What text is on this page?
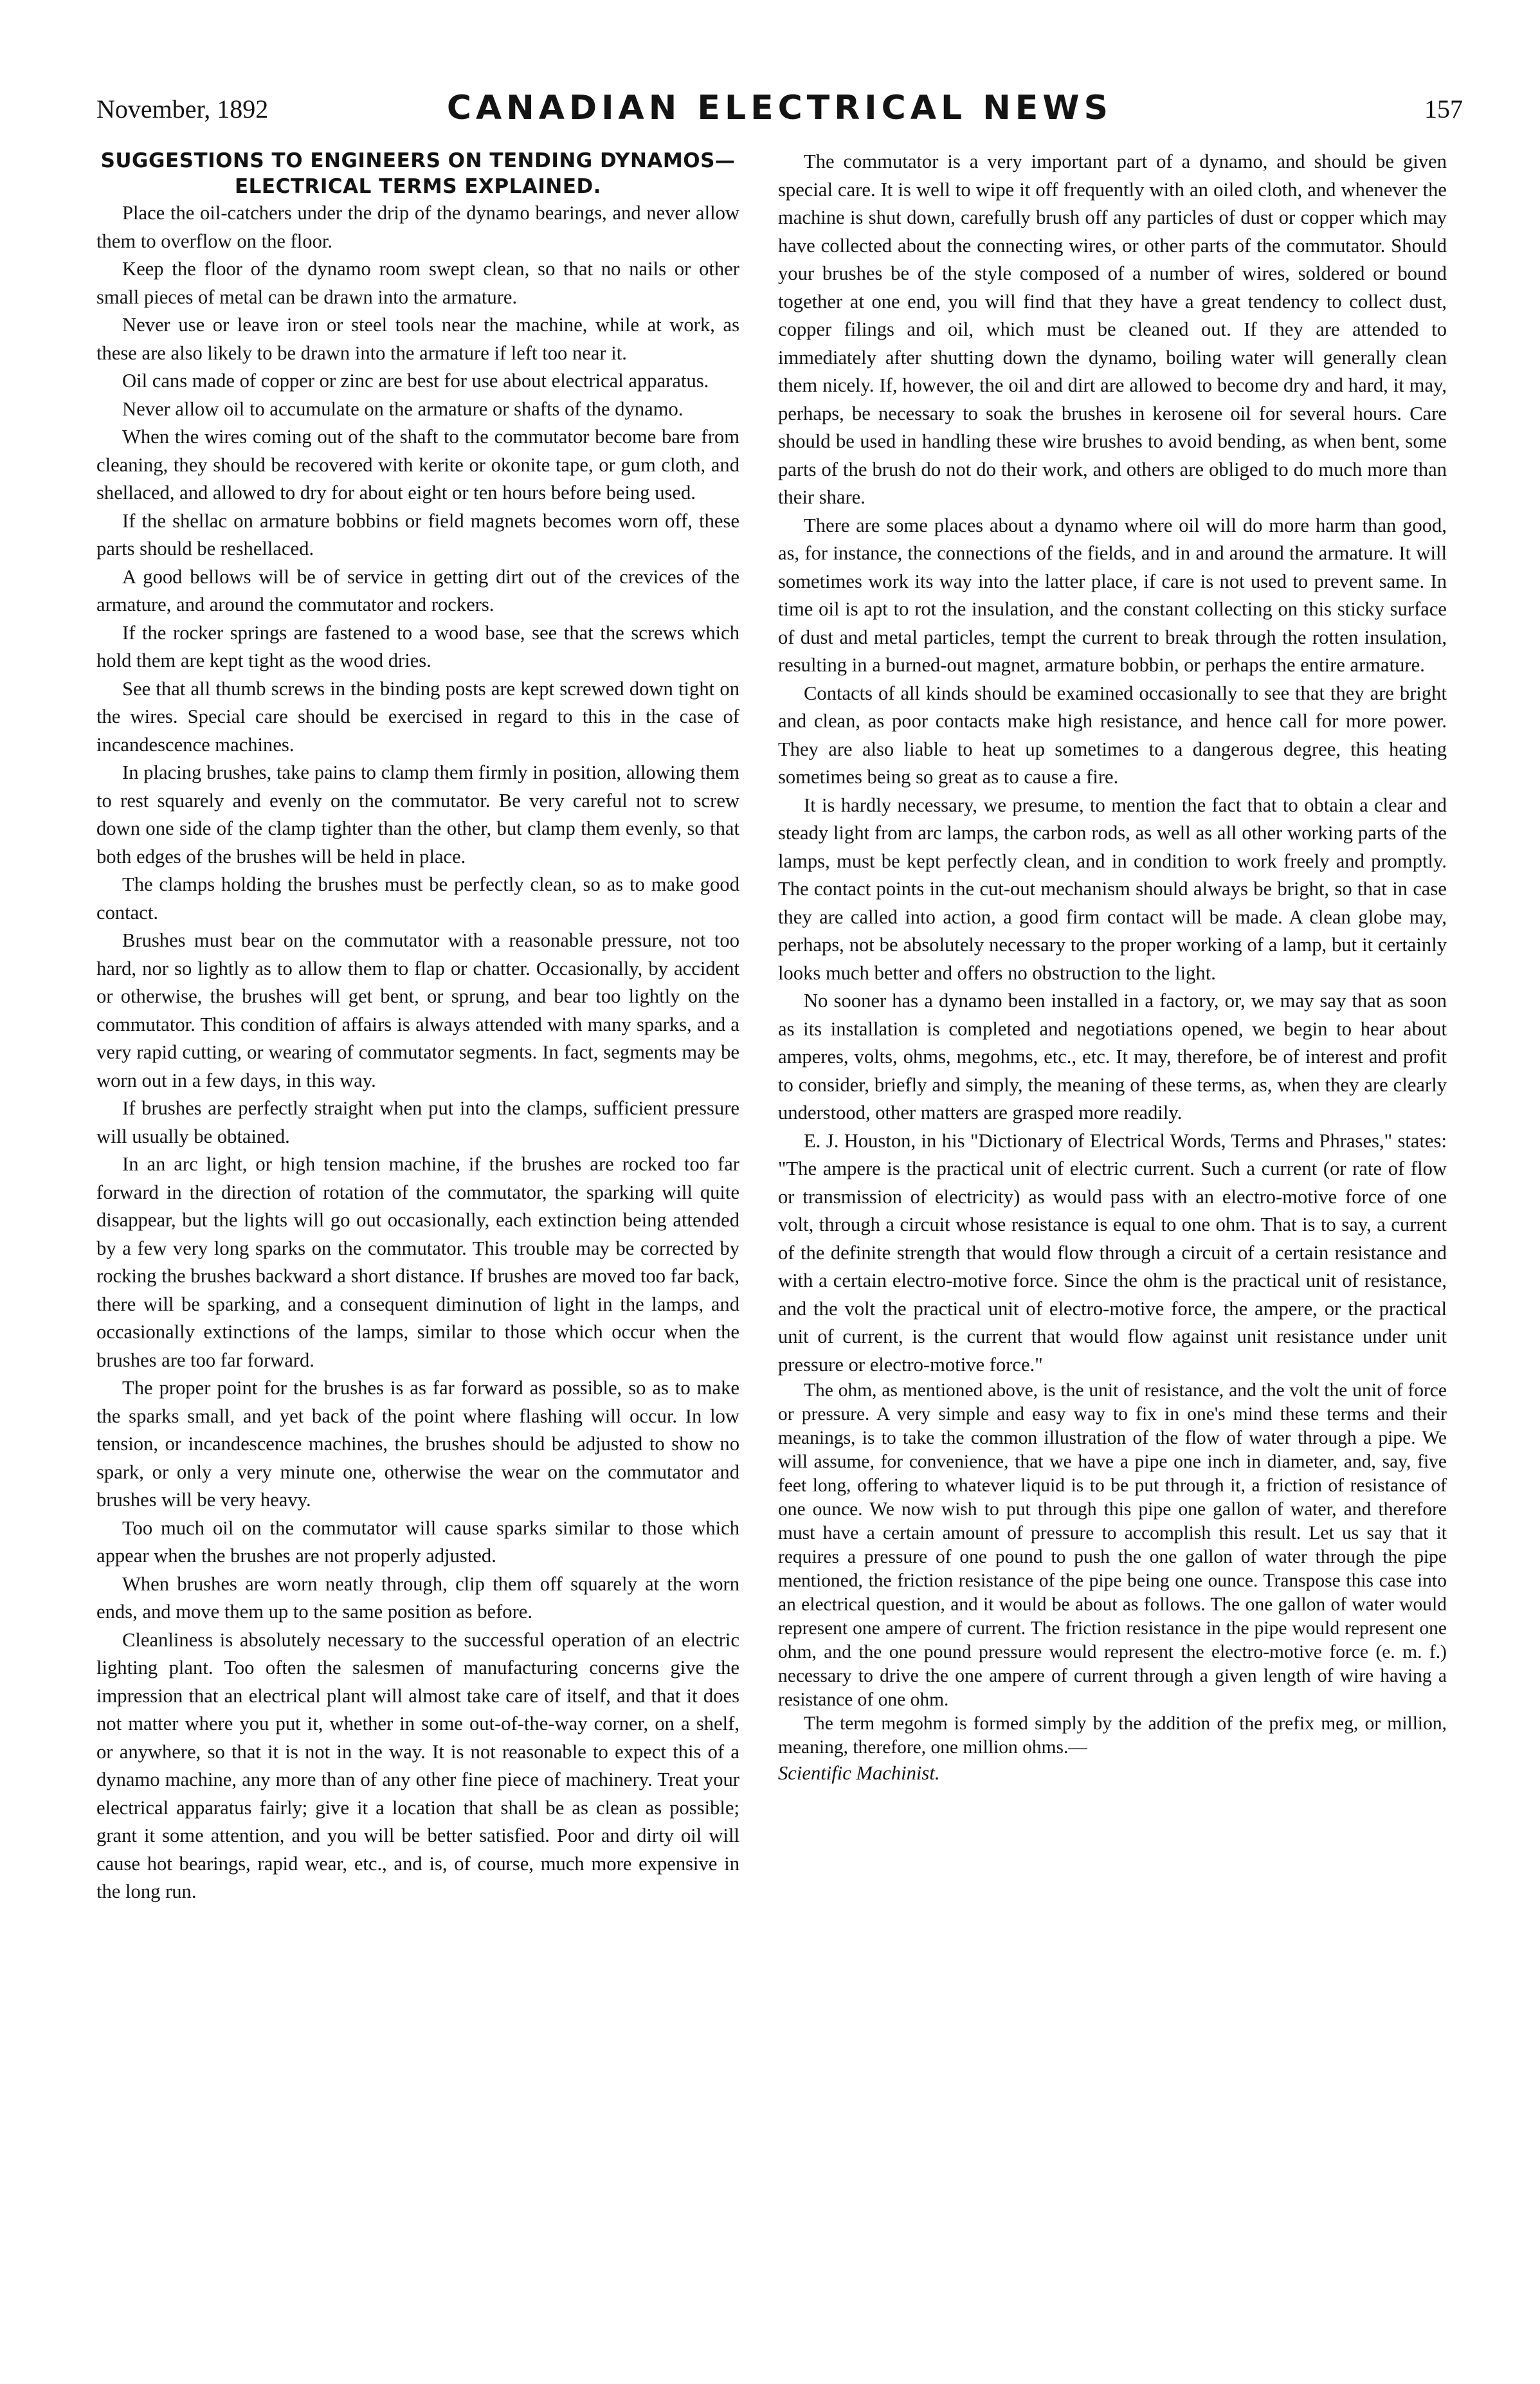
November, 1892	CANADIAN ELECTRICAL NEWS	157
SUGGESTIONS TO ENGINEERS ON TENDING DYNAMOS—
ELECTRICAL TERMS EXPLAINED.

Place the oil-catchers under the drip of the dynamo bearings, and never allow them to overflow on the floor.

Keep the floor of the dynamo room swept clean, so that no nails or other small pieces of metal can be drawn into the armature.

Never use or leave iron or steel tools near the machine, while at work, as these are also likely to be drawn into the armature if left too near it.

Oil cans made of copper or zinc are best for use about electrical apparatus.

Never allow oil to accumulate on the armature or shafts of the dynamo.

When the wires coming out of the shaft to the commutator become bare from cleaning, they should be recovered with kerite or okonite tape, or gum cloth, and shellaced, and allowed to dry for about eight or ten hours before being used.

If the shellac on armature bobbins or field magnets becomes worn off, these parts should be reshellaced.

A good bellows will be of service in getting dirt out of the crevices of the armature, and around the commutator and rockers.

If the rocker springs are fastened to a wood base, see that the screws which hold them are kept tight as the wood dries.

See that all thumb screws in the binding posts are kept screwed down tight on the wires. Special care should be exercised in regard to this in the case of incandescence machines.

In placing brushes, take pains to clamp them firmly in position, allowing them to rest squarely and evenly on the commutator. Be very careful not to screw down one side of the clamp tighter than the other, but clamp them evenly, so that both edges of the brushes will be held in place.

The clamps holding the brushes must be perfectly clean, so as to make good contact.

Brushes must bear on the commutator with a reasonable pressure, not too hard, nor so lightly as to allow them to flap or chatter. Occasionally, by accident or otherwise, the brushes will get bent, or sprung, and bear too lightly on the commutator. This condition of affairs is always attended with many sparks, and a very rapid cutting, or wearing of commutator segments. In fact, segments may be worn out in a few days, in this way.

If brushes are perfectly straight when put into the clamps, sufficient pressure will usually be obtained.

In an arc light, or high tension machine, if the brushes are rocked too far forward in the direction of rotation of the commutator, the sparking will quite disappear, but the lights will go out occasionally, each extinction being attended by a few very long sparks on the commutator. This trouble may be corrected by rocking the brushes backward a short distance. If brushes are moved too far back, there will be sparking, and a consequent diminution of light in the lamps, and occasionally extinctions of the lamps, similar to those which occur when the brushes are too far forward.

The proper point for the brushes is as far forward as possible, so as to make the sparks small, and yet back of the point where flashing will occur. In low tension, or incandescence machines, the brushes should be adjusted to show no spark, or only a very minute one, otherwise the wear on the commutator and brushes will be very heavy.

Too much oil on the commutator will cause sparks similar to those which appear when the brushes are not properly adjusted.

When brushes are worn neatly through, clip them off squarely at the worn ends, and move them up to the same position as before.

Cleanliness is absolutely necessary to the successful operation of an electric lighting plant. Too often the salesmen of manufacturing concerns give the impression that an electrical plant will almost take care of itself, and that it does not matter where you put it, whether in some out-of-the-way corner, on a shelf, or anywhere, so that it is not in the way. It is not reasonable to expect this of a dynamo machine, any more than of any other fine piece of machinery. Treat your electrical apparatus fairly; give it a location that shall be as clean as possible; grant it some attention, and you will be better satisfied. Poor and dirty oil will cause hot bearings, rapid wear, etc., and is, of course, much more expensive in the long run.

The commutator is a very important part of a dynamo, and should be given special care. It is well to wipe it off frequently with an oiled cloth, and whenever the machine is shut down, carefully brush off any particles of dust or copper which may have collected about the connecting wires, or other parts of the commutator. Should your brushes be of the style composed of a number of wires, soldered or bound together at one end, you will find that they have a great tendency to collect dust, copper filings and oil, which must be cleaned out. If they are attended to immediately after shutting down the dynamo, boiling water will generally clean them nicely. If, however, the oil and dirt are allowed to become dry and hard, it may, perhaps, be necessary to soak the brushes in kerosene oil for several hours. Care should be used in handling these wire brushes to avoid bending, as when bent, some parts of the brush do not do their work, and others are obliged to do much more than their share.

There are some places about a dynamo where oil will do more harm than good, as, for instance, the connections of the fields, and in and around the armature. It will sometimes work its way into the latter place, if care is not used to prevent same. In time oil is apt to rot the insulation, and the constant collecting on this sticky surface of dust and metal particles, tempt the current to break through the rotten insulation, resulting in a burned-out magnet, armature bobbin, or perhaps the entire armature.

Contacts of all kinds should be examined occasionally to see that they are bright and clean, as poor contacts make high resistance, and hence call for more power. They are also liable to heat up sometimes to a dangerous degree, this heating sometimes being so great as to cause a fire.

It is hardly necessary, we presume, to mention the fact that to obtain a clear and steady light from arc lamps, the carbon rods, as well as all other working parts of the lamps, must be kept perfectly clean, and in condition to work freely and promptly. The contact points in the cut-out mechanism should always be bright, so that in case they are called into action, a good firm contact will be made. A clean globe may, perhaps, not be absolutely necessary to the proper working of a lamp, but it certainly looks much better and offers no obstruction to the light.

No sooner has a dynamo been installed in a factory, or, we may say that as soon as its installation is completed and negotiations opened, we begin to hear about amperes, volts, ohms, megohms, etc., etc. It may, therefore, be of interest and profit to consider, briefly and simply, the meaning of these terms, as, when they are clearly understood, other matters are grasped more readily.

E. J. Houston, in his "Dictionary of Electrical Words, Terms and Phrases," states: "The ampere is the practical unit of electric current. Such a current (or rate of flow or transmission of electricity) as would pass with an electro-motive force of one volt, through a circuit whose resistance is equal to one ohm. That is to say, a current of the definite strength that would flow through a circuit of a certain resistance and with a certain electro-motive force. Since the ohm is the practical unit of resistance, and the volt the practical unit of electro-motive force, the ampere, or the practical unit of current, is the current that would flow against unit resistance under unit pressure or electro-motive force."

The ohm, as mentioned above, is the unit of resistance, and the volt the unit of force or pressure. A very simple and easy way to fix in one's mind these terms and their meanings, is to take the common illustration of the flow of water through a pipe. We will assume, for convenience, that we have a pipe one inch in diameter, and, say, five feet long, offering to whatever liquid is to be put through it, a friction of resistance of one ounce. We now wish to put through this pipe one gallon of water, and therefore must have a certain amount of pressure to accomplish this result. Let us say that it requires a pressure of one pound to push the one gallon of water through the pipe mentioned, the friction resistance of the pipe being one ounce. Transpose this case into an electrical question, and it would be about as follows. The one gallon of water would represent one ampere of current. The friction resistance in the pipe would represent one ohm, and the one pound pressure would represent the electro-motive force (e. m. f.) necessary to drive the one ampere of current through a given length of wire having a resistance of one ohm.

The term megohm is formed simply by the addition of the prefix meg, or million, meaning, therefore, one million ohms.—

Scientific Machinist.
